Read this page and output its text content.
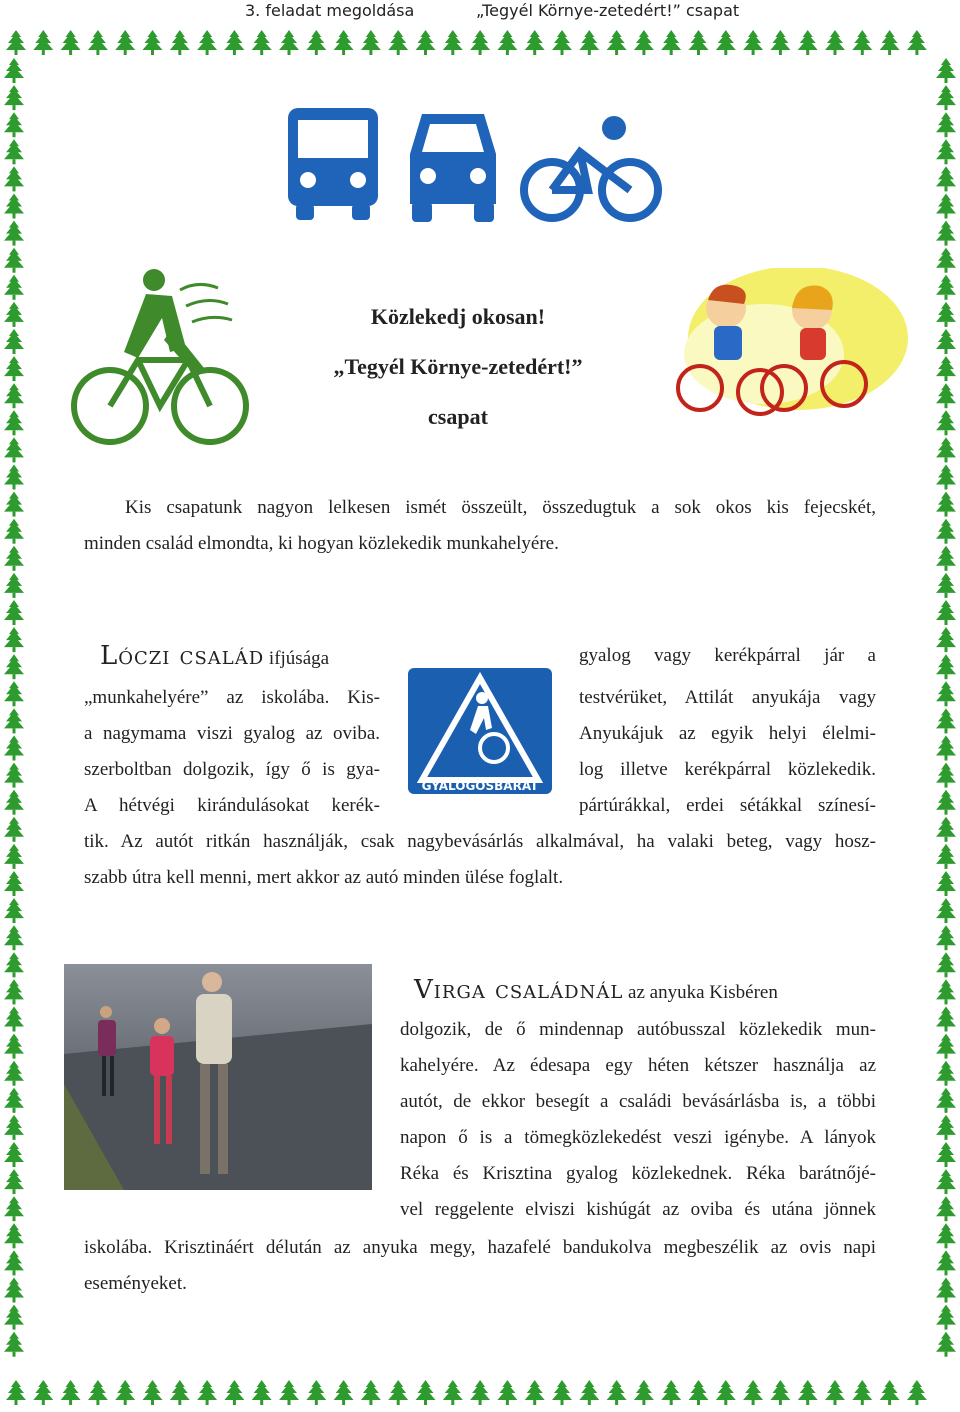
3. feladat megoldása	„Tegyél Környe-zetedért!” csapat
Közlekedj okosan!
„Tegyél Környe-zetedért!”
csapat
Kis csapatunk nagyon lelkesen ismét összeült, összedugtuk a sok okos kis fejecskét,
minden család elmondta, ki hogyan közlekedik munkahelyére.
Lóczi család ifjúsága
„munkahelyére” az iskolába. Kis-
a nagymama viszi gyalog az oviba.
szerboltban dolgozik, így ő is gya-
A hétvégi kirándulásokat kerék-
gyalog vagy kerékpárral jár a
testvérüket, Attilát anyukája vagy
Anyukájuk az egyik helyi élelmi-
log illetve kerékpárral közlekedik.
pártúrákkal, erdei sétákkal színesí-
GYALOGOSBARÁT
tik. Az autót ritkán használják, csak nagybevásárlás alkalmával, ha valaki beteg, vagy hosz-
szabb útra kell menni, mert akkor az autó minden ülése foglalt.
Virga családnál az anyuka Kisbéren
dolgozik, de ő mindennap autóbusszal közlekedik mun-
kahelyére. Az édesapa egy héten kétszer használja az
autót, de ekkor besegít a családi bevásárlásba is, a többi
napon ő is a tömegközlekedést veszi igénybe. A lányok
Réka és Krisztina gyalog közlekednek. Réka barátnőjé-
vel reggelente elviszi kishúgát az oviba és utána jönnek
iskolába. Krisztináért délután az anyuka megy, hazafelé bandukolva megbeszélik az ovis napi
eseményeket.
